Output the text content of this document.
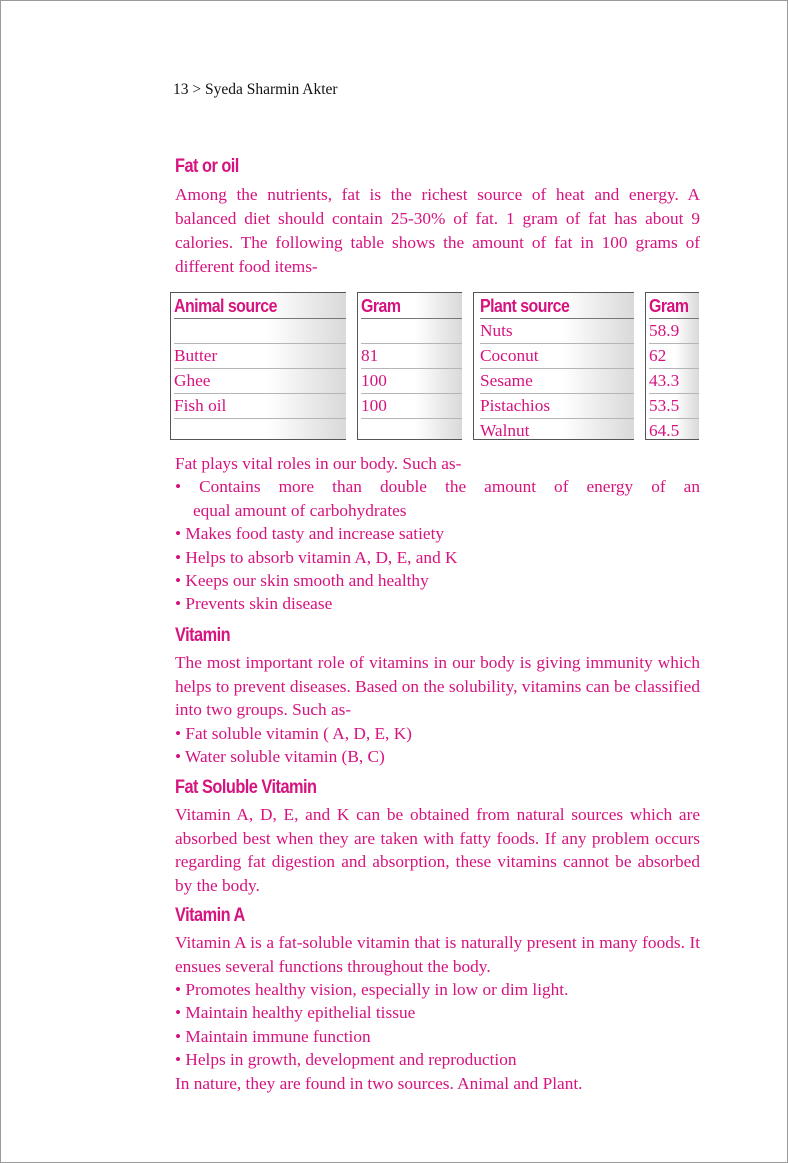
13 > Syeda Sharmin Akter
Fat or oil

Among the nutrients, fat is the richest source of heat and energy. A balanced diet should contain 25-30% of fat. 1 gram of fat has about 9 calories. The following table shows the amount of fat in 100 grams of different food items-

Animal source
Butter
Ghee
Fish oil
Gram
81
100
100
Plant source
Nuts
Coconut
Sesame
Pistachios
Walnut
Gram
58.9
62
43.3
53.5
64.5
Fat plays vital roles in our body. Such as-
• Contains more than double the amount of energy of an
equal amount of carbohydrates
• Makes food tasty and increase satiety
• Helps to absorb vitamin A, D, E, and K
• Keeps our skin smooth and healthy
• Prevents skin disease
Vitamin

The most important role of vitamins in our body is giving immunity which helps to prevent diseases. Based on the solubility, vitamins can be classified into two groups. Such as-

• Fat soluble vitamin ( A, D, E, K)
• Water soluble vitamin (B, C)
Fat Soluble Vitamin

Vitamin A, D, E, and K can be obtained from natural sources which are absorbed best when they are taken with fatty foods. If any problem occurs regarding fat digestion and absorption, these vitamins cannot be absorbed by the body.

Vitamin A

Vitamin A is a fat-soluble vitamin that is naturally present in many foods. It ensues several functions throughout the body.

• Promotes healthy vision, especially in low or dim light.
• Maintain healthy epithelial tissue
• Maintain immune function
• Helps in growth, development and reproduction
In nature, they are found in two sources. Animal and Plant.
